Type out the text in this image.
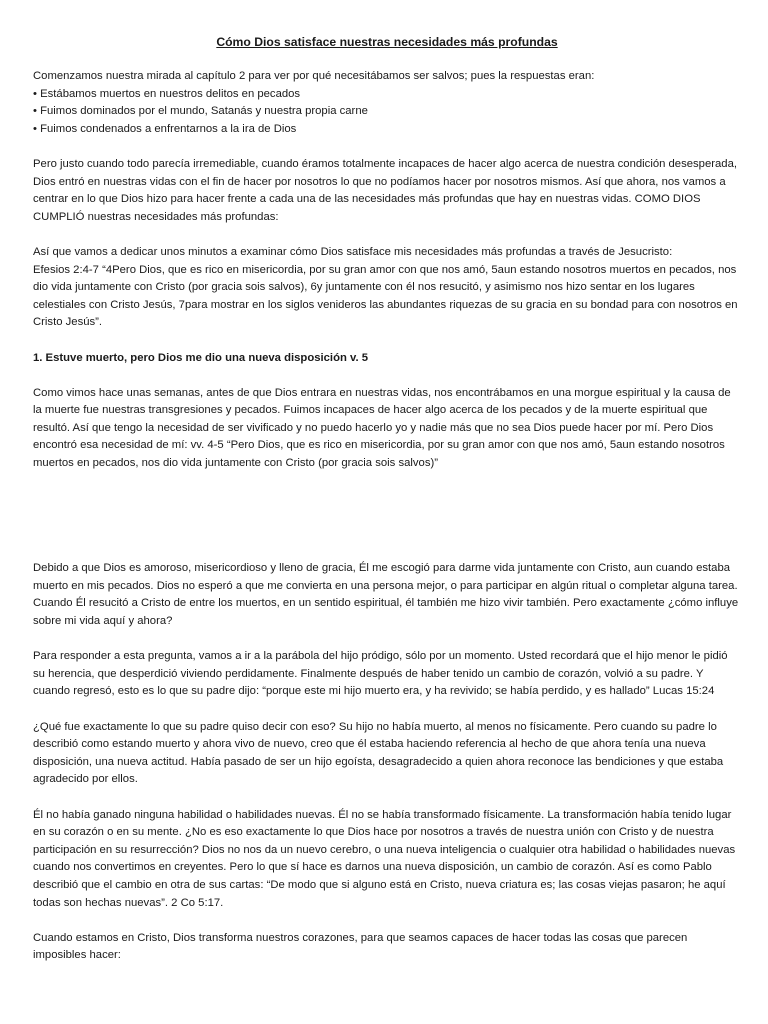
Cómo Dios satisface nuestras necesidades más profundas
Comenzamos nuestra mirada al capítulo 2 para ver por qué necesitábamos ser salvos; pues la respuestas eran:
• Estábamos muertos en nuestros delitos en pecados
• Fuimos dominados por el mundo, Satanás y nuestra propia carne
• Fuimos condenados a enfrentarnos a la ira de Dios

Pero justo cuando todo parecía irremediable, cuando éramos totalmente incapaces de hacer algo acerca de nuestra condición desesperada, Dios entró en nuestras vidas con el fin de hacer por nosotros lo que no podíamos hacer por nosotros mismos. Así que ahora, nos vamos a centrar en lo que Dios hizo para hacer frente a cada una de las necesidades más profundas que hay en nuestras vidas. COMO DIOS CUMPLIÓ nuestras necesidades más profundas:

Así que vamos a dedicar unos minutos a examinar cómo Dios satisface mis necesidades más profundas a través de Jesucristo:
Efesios 2:4-7 “4Pero Dios, que es rico en misericordia, por su gran amor con que nos amó, 5aun estando nosotros muertos en pecados, nos dio vida juntamente con Cristo (por gracia sois salvos), 6y juntamente con él nos resucitó, y asimismo nos hizo sentar en los lugares celestiales con Cristo Jesús, 7para mostrar en los siglos venideros las abundantes riquezas de su gracia en su bondad para con nosotros en Cristo Jesús”.

1. Estuve muerto, pero Dios me dio una nueva disposición v. 5

Como vimos hace unas semanas, antes de que Dios entrara en nuestras vidas, nos encontrábamos en una morgue espiritual y la causa de la muerte fue nuestras transgresiones y pecados. Fuimos incapaces de hacer algo acerca de los pecados y de la muerte espiritual que resultó. Así que tengo la necesidad de ser vivificado y no puedo hacerlo yo y nadie más que no sea Dios puede hacer por mí. Pero Dios encontró esa necesidad de mí: vv. 4-5 “Pero Dios, que es rico en misericordia, por su gran amor con que nos amó, 5aun estando nosotros muertos en pecados, nos dio vida juntamente con Cristo (por gracia sois salvos)”

Debido a que Dios es amoroso, misericordioso y lleno de gracia, Él me escogió para darme vida juntamente con Cristo, aun cuando estaba muerto en mis pecados. Dios no esperó a que me convierta en una persona mejor, o para participar en algún ritual o completar alguna tarea. Cuando Él resucitó a Cristo de entre los muertos, en un sentido espiritual, él también me hizo vivir también. Pero exactamente ¿cómo influye sobre mi vida aquí y ahora?

Para responder a esta pregunta, vamos a ir a la parábola del hijo pródigo, sólo por un momento. Usted recordará que el hijo menor le pidió su herencia, que desperdició viviendo perdidamente. Finalmente después de haber tenido un cambio de corazón, volvió a su padre. Y cuando regresó, esto es lo que su padre dijo: “porque este mi hijo muerto era, y ha revivido; se había perdido, y es hallado” Lucas 15:24

¿Qué fue exactamente lo que su padre quiso decir con eso? Su hijo no había muerto, al menos no físicamente. Pero cuando su padre lo describió como estando muerto y ahora vivo de nuevo, creo que él estaba haciendo referencia al hecho de que ahora tenía una nueva disposición, una nueva actitud. Había pasado de ser un hijo egoísta, desagradecido a quien ahora reconoce las bendiciones y que estaba agradecido por ellos.

Él no había ganado ninguna habilidad o habilidades nuevas. Él no se había transformado físicamente. La transformación había tenido lugar en su corazón o en su mente. ¿No es eso exactamente lo que Dios hace por nosotros a través de nuestra unión con Cristo y de nuestra participación en su resurrección? Dios no nos da un nuevo cerebro, o una nueva inteligencia o cualquier otra habilidad o habilidades nuevas cuando nos convertimos en creyentes. Pero lo que sí hace es darnos una nueva disposición, un cambio de corazón. Así es como Pablo describió que el cambio en otra de sus cartas: “De modo que si alguno está en Cristo, nueva criatura es; las cosas viejas pasaron; he aquí todas son hechas nuevas”. 2 Co 5:17.

Cuando estamos en Cristo, Dios transforma nuestros corazones, para que seamos capaces de hacer todas las cosas que parecen imposibles hacer:
